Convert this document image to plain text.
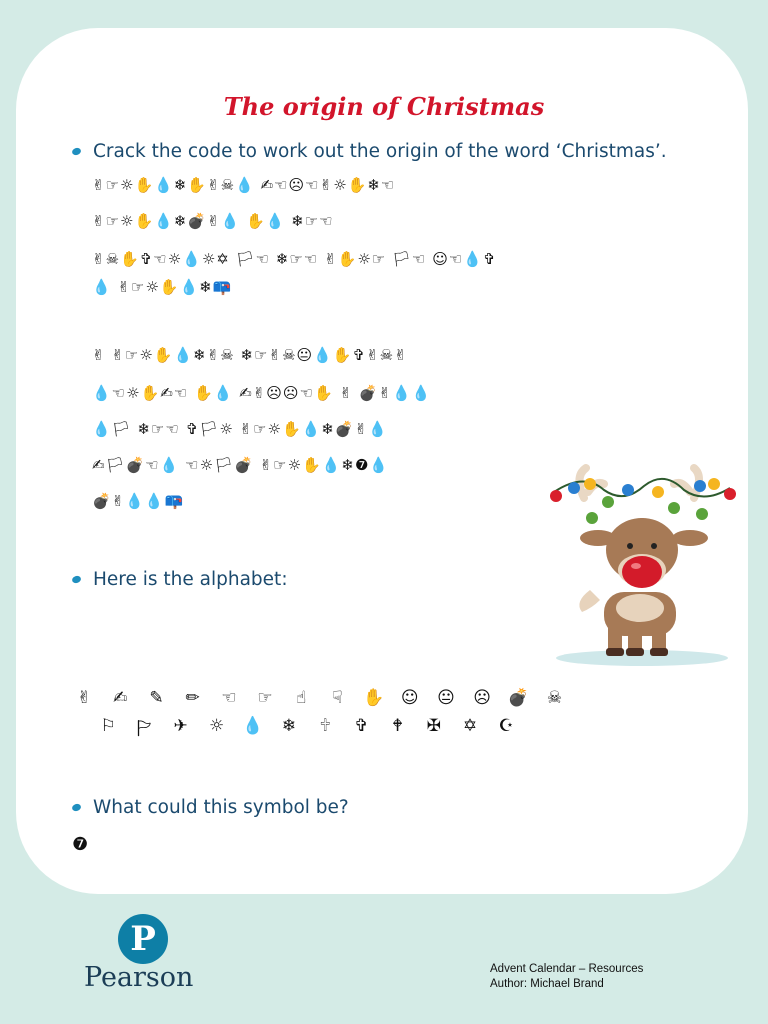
The origin of Christmas
Crack the code to work out the origin of the word ‘Christmas’.
✌☞☼✋💧❄✋✌☠💧 ✍☜☹☜✌☼✋❄☜
✌☞☼✋💧❄💣✌💧 ✋💧 ❄☞☜
✌☠✋✞☜☼💧☼✡ 🏳☜ ❄☞☜ ✌✋☼☞ 🏳☜ ☺☜💧✞
💧 ✌☞☼✋💧❄📪
✌ ✌☞☼✋💧❄✌☠ ❄☞✌☠😐💧✋✞✌☠✌
💧☜☼✋✍☜ ✋💧 ✍✌☹☹☜✋ ✌ 💣✌💧💧
💧🏳 ❄☞☜ ✞🏳☼ ✌☞☼✋💧❄💣✌💧
✍🏳💣☜💧 ☜☼🏳💣 ✌☞☼✋💧❄❼💧
💣✌💧💧📪
Here is the alphabet:
✌	✍	✎	✏	☜	☞	☝	☟	✋ ☺	😐	☹ 💣	☠
⚐	🏱	✈	☼	💧	❄	🕆	✞	🕈	✠	✡	☪
What could this symbol be?
❼
P
Pearson	Advent Calendar – Resources
Author: Michael Brand
